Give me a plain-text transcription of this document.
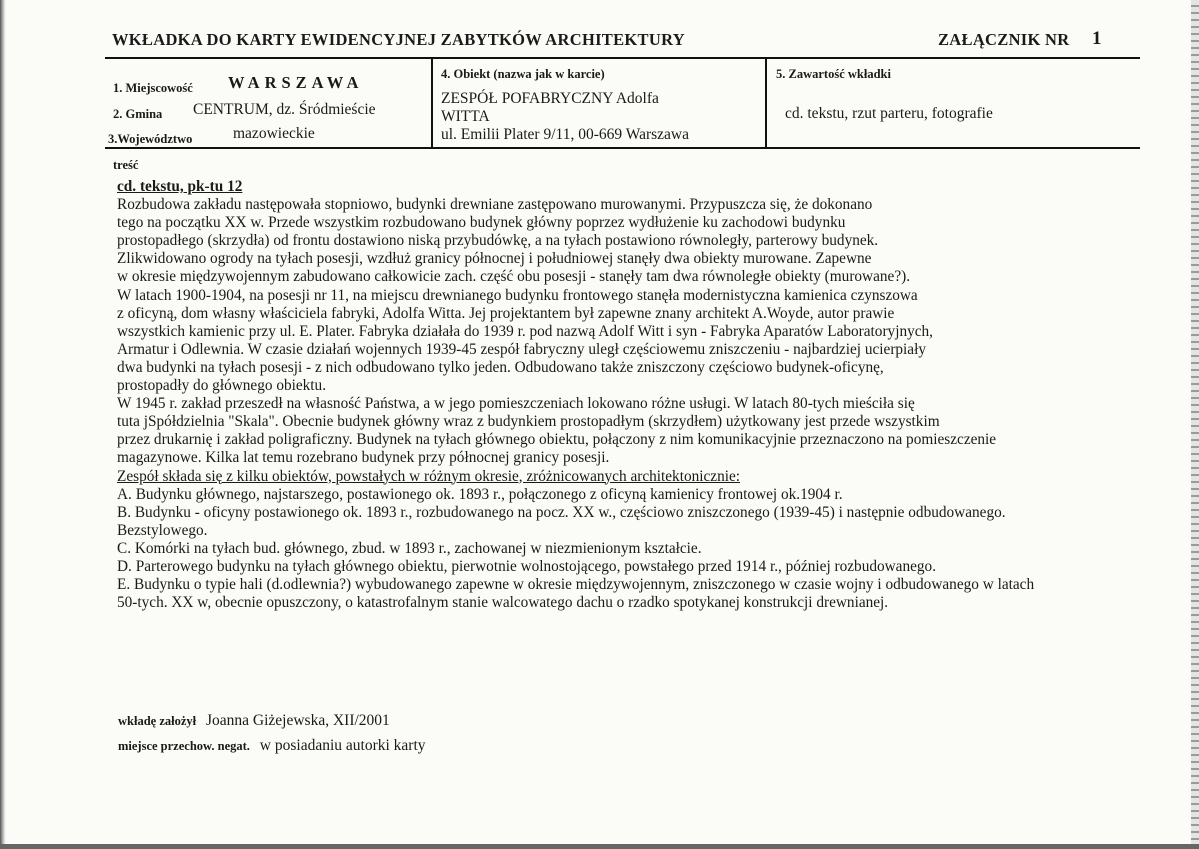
WKŁADKA DO KARTY EWIDENCYJNEJ ZABYTKÓW ARCHITEKTURY	ZAŁĄCZNIK NR 1
1. Miejscowość WARSZAWA
2. Gmina CENTRUM, dz. Śródmieście
3.Województwo	mazowieckie
4. Obiekt (nazwa jak w karcie)
ZESPÓŁ POFABRYCZNY Adolfa
WITTA
ul. Emilii Plater 9/11, 00-669 Warszawa
5. Zawartość wkładki
cd. tekstu, rzut parteru, fotografie
treść
cd. tekstu, pk-tu 12
Rozbudowa zakładu następowała stopniowo, budynki drewniane zastępowano murowanymi. Przypuszcza się, że dokonano
tego na początku XX w. Przede wszystkim rozbudowano budynek główny poprzez wydłużenie ku zachodowi budynku
prostopadłego (skrzydła) od frontu dostawiono niską przybudówkę, a na tyłach postawiono równoległy, parterowy budynek.
Zlikwidowano ogrody na tyłach posesji, wzdłuż granicy północnej i południowej stanęły dwa obiekty murowane. Zapewne
w okresie międzywojennym zabudowano całkowicie zach. część obu posesji - stanęły tam dwa równoległe obiekty (murowane?).
W latach 1900-1904, na posesji nr 11, na miejscu drewnianego budynku frontowego stanęła modernistyczna kamienica czynszowa
z oficyną, dom własny właściciela fabryki, Adolfa Witta. Jej projektantem był zapewne znany architekt A.Woyde, autor prawie
wszystkich kamienic przy ul. E. Plater. Fabryka działała do 1939 r. pod nazwą Adolf Witt i syn - Fabryka Aparatów Laboratoryjnych,
Armatur i Odlewnia. W czasie działań wojennych 1939-45 zespół fabryczny uległ częściowemu zniszczeniu - najbardziej ucierpiały
dwa budynki na tyłach posesji - z nich odbudowano tylko jeden. Odbudowano także zniszczony częściowo budynek-oficynę,
prostopadły do głównego obiektu.
W 1945 r. zakład przeszedł na własność Państwa, a w jego pomieszczeniach lokowano różne usługi. W latach 80-tych mieściła się
tuta jSpółdzielnia "Skala". Obecnie budynek główny wraz z budynkiem prostopadłym (skrzydłem) użytkowany jest przede wszystkim
przez drukarnię i zakład poligraficzny. Budynek na tyłach głównego obiektu, połączony z nim komunikacyjnie przeznaczono na pomieszczenie
magazynowe. Kilka lat temu rozebrano budynek przy północnej granicy posesji.
Zespół składa się z kilku obiektów, powstałych w różnym okresie, zróżnicowanych architektonicznie:
A. Budynku głównego, najstarszego, postawionego ok. 1893 r., połączonego z oficyną kamienicy frontowej ok.1904 r.
B. Budynku - oficyny postawionego ok. 1893 r., rozbudowanego na pocz. XX w., częściowo zniszczonego (1939-45) i następnie odbudowanego.
Bezstylowego.
C. Komórki na tyłach bud. głównego, zbud. w 1893 r., zachowanej w niezmienionym kształcie.
D. Parterowego budynku na tyłach głównego obiektu, pierwotnie wolnostojącego, powstałego przed 1914 r., później rozbudowanego.
E. Budynku o typie hali (d.odlewnia?) wybudowanego zapewne w okresie międzywojennym, zniszczonego w czasie wojny i odbudowanego w latach
50-tych. XX w, obecnie opuszczony, o katastrofalnym stanie walcowatego dachu o rzadko spotykanej konstrukcji drewnianej.
wkładę założył Joanna Giżejewska, XII/2001
miejsce przechow. negat. w posiadaniu autorki karty
